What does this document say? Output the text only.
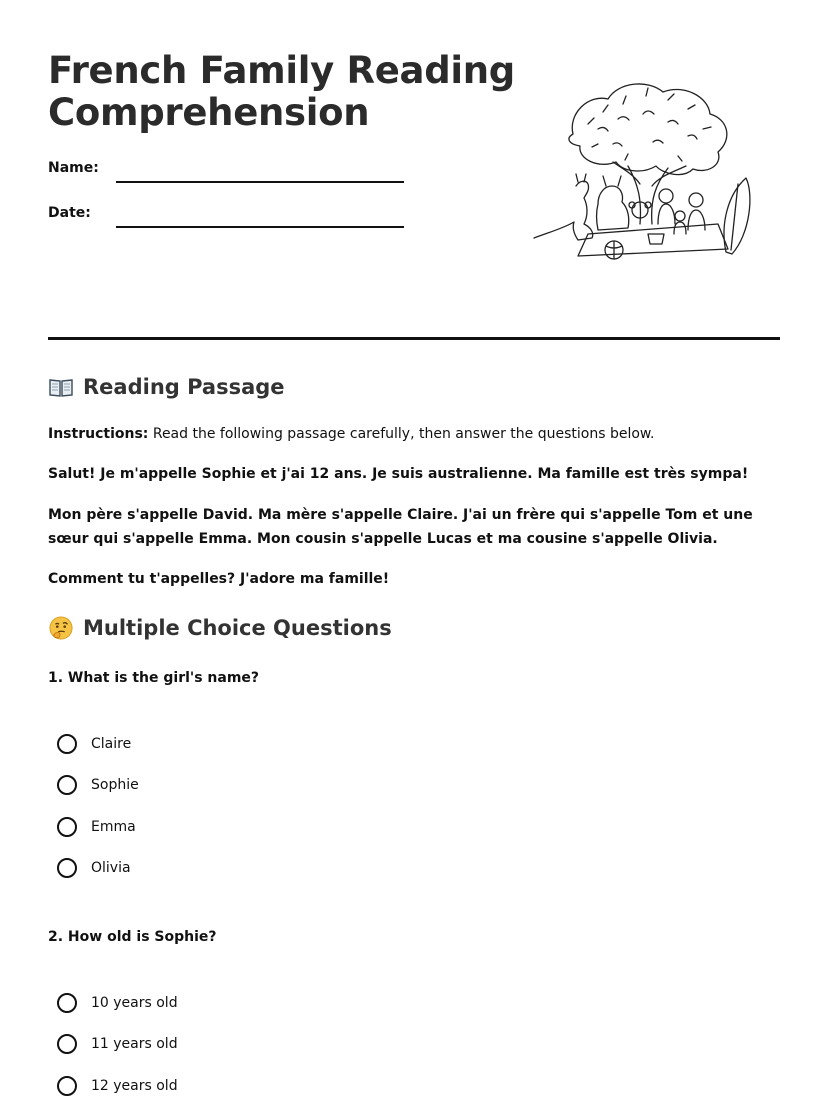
French Family Reading Comprehension
Name:
Date:
Reading Passage

Instructions: Read the following passage carefully, then answer the questions below.

Salut! Je m'appelle Sophie et j'ai 12 ans. Je suis australienne. Ma famille est très sympa!

Mon père s'appelle David. Ma mère s'appelle Claire. J'ai un frère qui s'appelle Tom et une sœur qui s'appelle Emma. Mon cousin s'appelle Lucas et ma cousine s'appelle Olivia.

Comment tu t'appelles? J'adore ma famille!

Multiple Choice Questions
1. What is the girl's name?
Claire
Sophie
Emma
Olivia
2. How old is Sophie?
10 years old
11 years old
12 years old
